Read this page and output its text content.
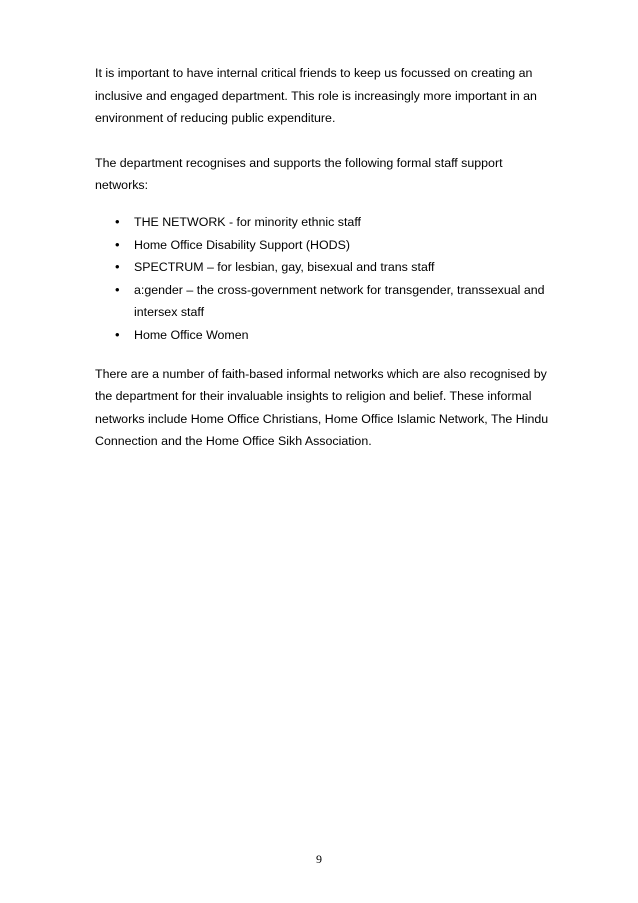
It is important to have internal critical friends to keep us focussed on creating an inclusive and engaged department. This role is increasingly more important in an environment of reducing public expenditure.

The department recognises and supports the following formal staff support networks:

•	THE NETWORK - for minority ethnic staff
•	Home Office Disability Support (HODS)
•	SPECTRUM – for lesbian, gay, bisexual and trans staff
•	a:gender – the cross-government network for transgender, transsexual and intersex staff
•	Home Office Women

There are a number of faith-based informal networks which are also recognised by the department for their invaluable insights to religion and belief. These informal networks include Home Office Christians, Home Office Islamic Network, The Hindu Connection and the Home Office Sikh Association.

9
